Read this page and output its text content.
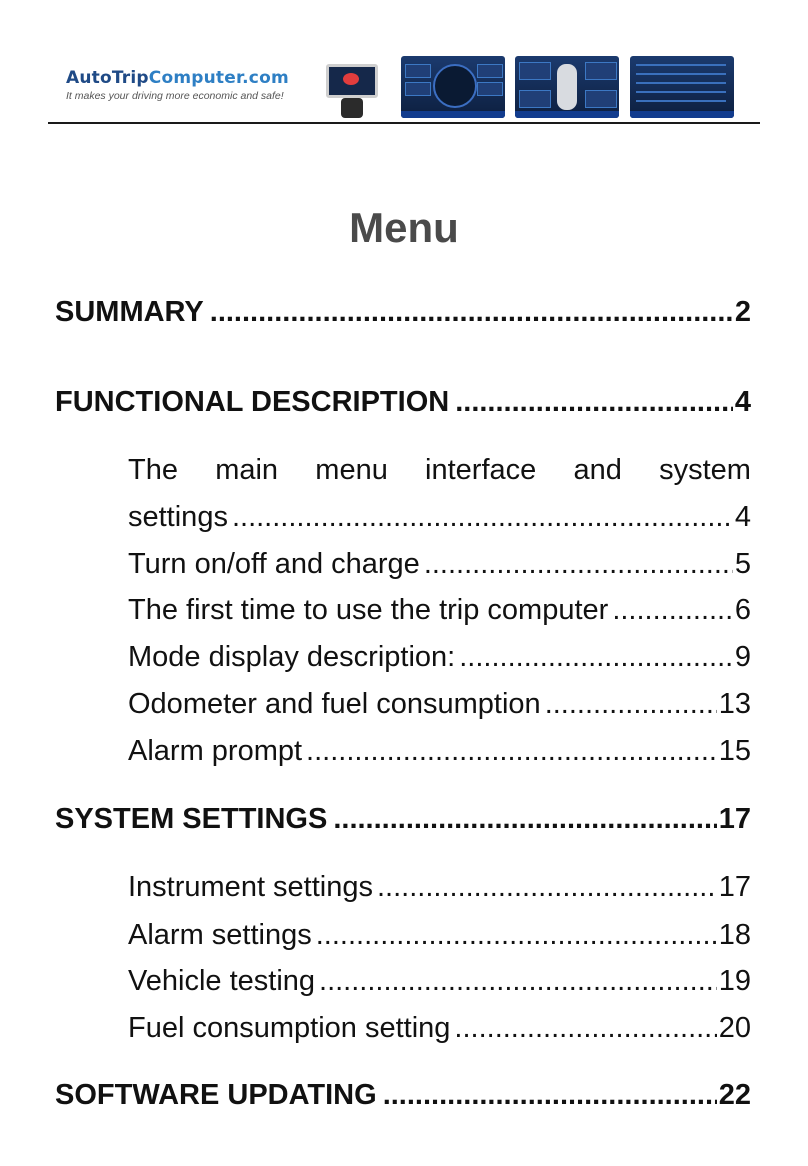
AutoTripComputer.com
It makes your driving more economic and safe!
Menu
SUMMARY .....	2
FUNCTIONAL DESCRIPTION .....	4
The main menu interface and system
settings .....	4
Turn on/off and charge .....	5
The first time to use the trip computer .....	6
Mode display description: .....	9
Odometer and fuel consumption .....	13
Alarm prompt .....	15
SYSTEM SETTINGS .....	17
Instrument settings .....	17
Alarm settings .....	18
Vehicle testing .....	19
Fuel consumption setting .....	20
SOFTWARE UPDATING .....	22
